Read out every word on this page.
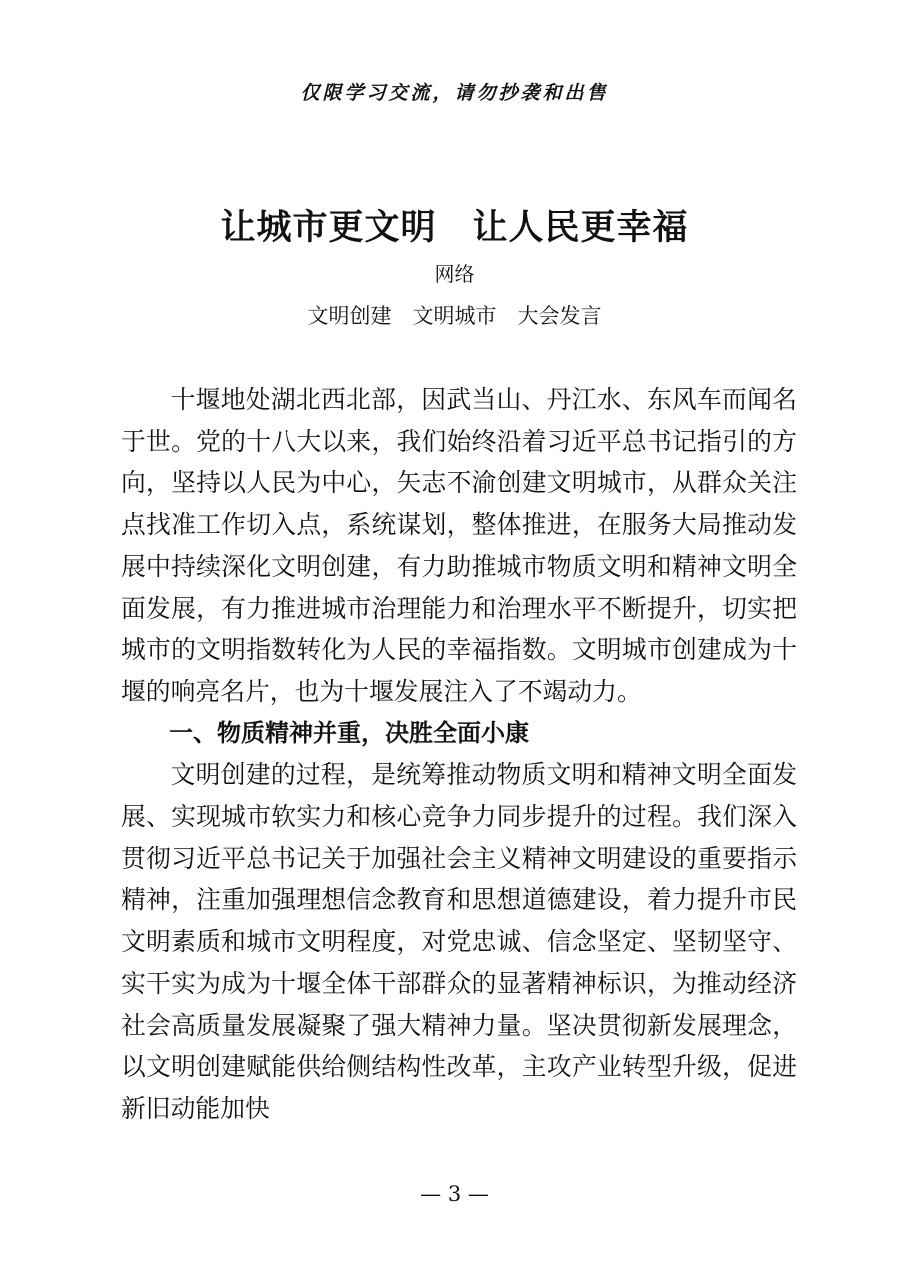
仅限学习交流，请勿抄袭和出售
让城市更文明　让人民更幸福
网络
文明创建　文明城市　大会发言

十堰地处湖北西北部，因武当山、丹江水、东风车而闻名于世。党的十八大以来，我们始终沿着习近平总书记指引的方向，坚持以人民为中心，矢志不渝创建文明城市，从群众关注点找准工作切入点，系统谋划，整体推进，在服务大局推动发展中持续深化文明创建，有力助推城市物质文明和精神文明全面发展，有力推进城市治理能力和治理水平不断提升，切实把城市的文明指数转化为人民的幸福指数。文明城市创建成为十堰的响亮名片，也为十堰发展注入了不竭动力。

一、物质精神并重，决胜全面小康

文明创建的过程，是统筹推动物质文明和精神文明全面发展、实现城市软实力和核心竞争力同步提升的过程。我们深入贯彻习近平总书记关于加强社会主义精神文明建设的重要指示精神，注重加强理想信念教育和思想道德建设，着力提升市民文明素质和城市文明程度，对党忠诚、信念坚定、坚韧坚守、实干实为成为十堰全体干部群众的显著精神标识，为推动经济社会高质量发展凝聚了强大精神力量。坚决贯彻新发展理念，以文明创建赋能供给侧结构性改革，主攻产业转型升级，促进新旧动能加快

— 3 —
